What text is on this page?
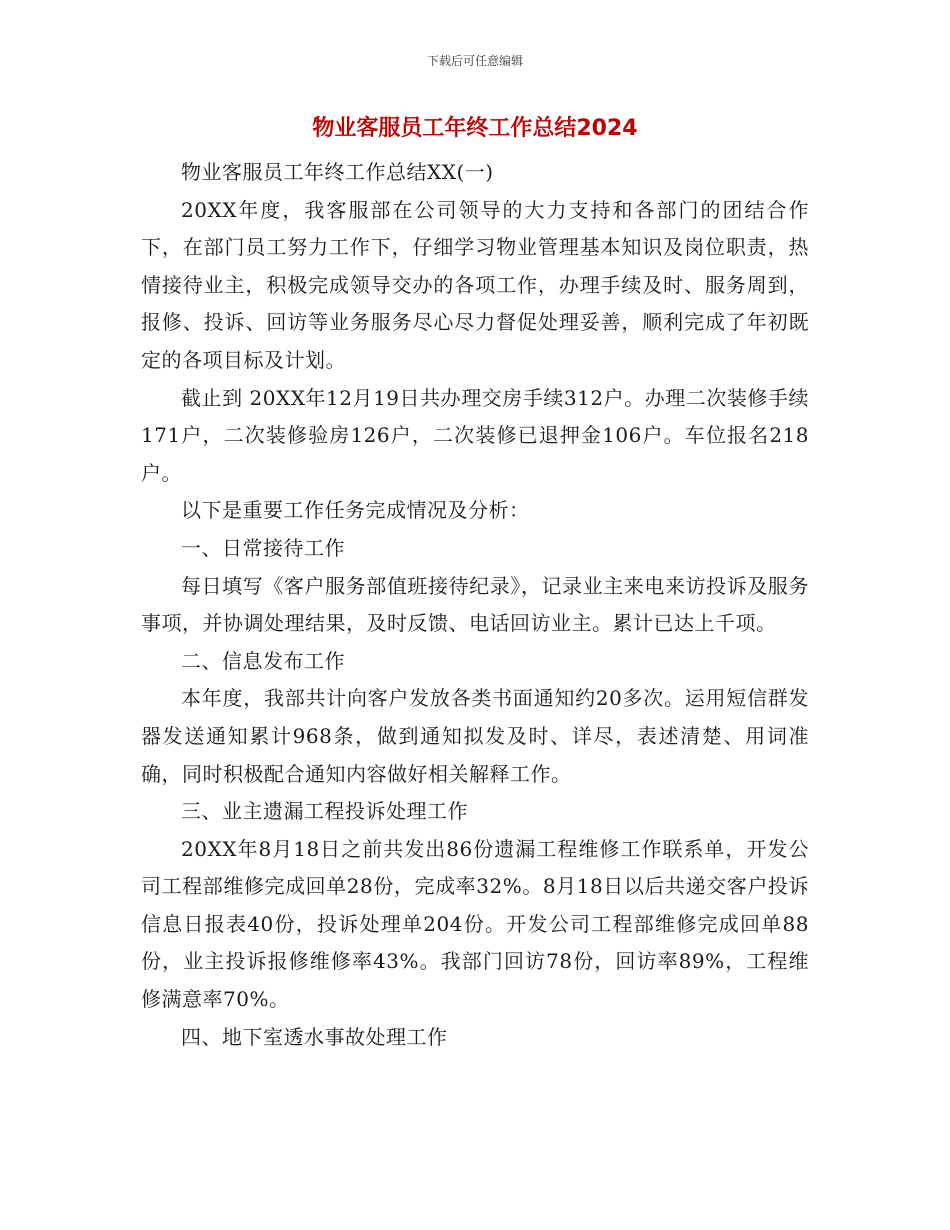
下载后可任意编辑
物业客服员工年终工作总结2024

物业客服员工年终工作总结XX(一)

20XX年度，我客服部在公司领导的大力支持和各部门的团结合作下，在部门员工努力工作下，仔细学习物业管理基本知识及岗位职责，热情接待业主，积极完成领导交办的各项工作，办理手续及时、服务周到，报修、投诉、回访等业务服务尽心尽力督促处理妥善，顺利完成了年初既定的各项目标及计划。

截止到 20XX年12月19日共办理交房手续312户。办理二次装修手续171户，二次装修验房126户，二次装修已退押金106户。车位报名218户。

以下是重要工作任务完成情况及分析：

一、日常接待工作

每日填写《客户服务部值班接待纪录》，记录业主来电来访投诉及服务事项，并协调处理结果，及时反馈、电话回访业主。累计已达上千项。

二、信息发布工作

本年度，我部共计向客户发放各类书面通知约20多次。运用短信群发器发送通知累计968条，做到通知拟发及时、详尽，表述清楚、用词准确，同时积极配合通知内容做好相关解释工作。

三、业主遗漏工程投诉处理工作

20XX年8月18日之前共发出86份遗漏工程维修工作联系单，开发公司工程部维修完成回单28份，完成率32%。8月18日以后共递交客户投诉信息日报表40份，投诉处理单204份。开发公司工程部维修完成回单88份，业主投诉报修维修率43%。我部门回访78份，回访率89%，工程维修满意率70%。

四、地下室透水事故处理工作
